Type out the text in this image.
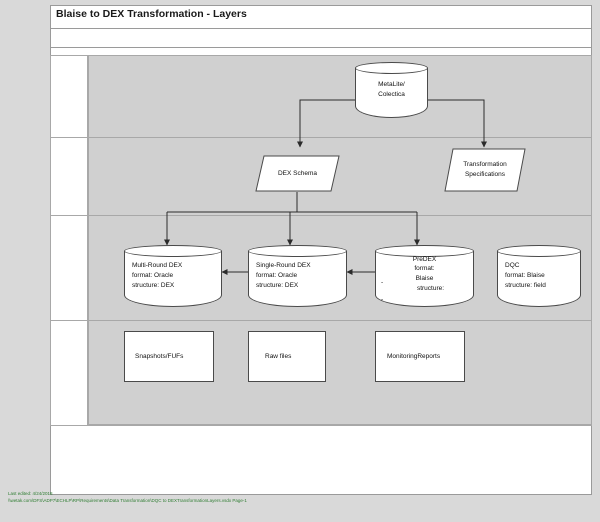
Blaise to DEX Transformation - Layers
MetaLite/
Colectica
DEX Schema
Transformation
Specifications
Multi-Round DEX
format: Oracle
structure: DEX
Single-Round DEX
format: Oracle
structure: DEX
PreDEX
format:
Blaise
structure:
-
-
DQC
format: Blaise
structure: field
Snapshots/FUFs	Raw files	MonitoringReports
Last edited: 4/24/2018
\\wetak.com\DFS\ADP7\ECHLP\RP\Requirements\Data Transformation\DQC to DEXTransformationLayers.vsdx Page-1
